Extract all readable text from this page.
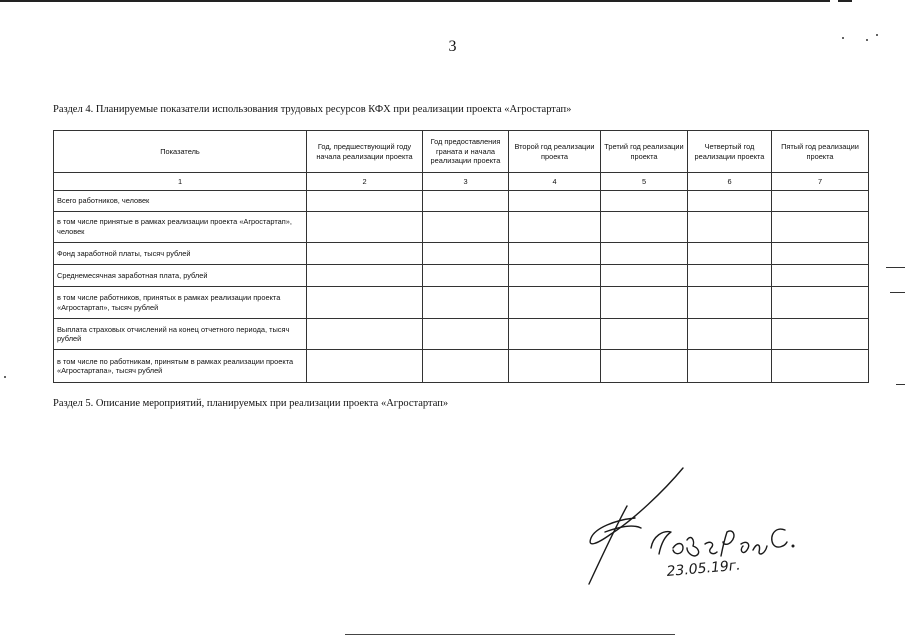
3
Раздел 4. Планируемые показатели использования трудовых ресурсов КФХ при реализации проекта «Агростартап»
Показатель	Год, предшествующий году начала реализации проекта	Год предоставления граната и начала реализации проекта	Второй год реализации проекта	Третий год реализации проекта	Четвертый год реализации проекта	Пятый год реализации проекта
1	2	3	4	5	6	7
Всего работников, человек						
в том числе принятые в рамках реализации проекта «Агростартап», человек						
Фонд заработной платы, тысяч рублей						
Среднемесячная заработная плата, рублей						
в том числе работников, принятых в рамках реализации проекта «Агростартап», тысяч рублей						
Выплата страховых отчислений на конец отчетного периода, тысяч рублей						
в том числе по работникам, принятым в рамках реализации проекта «Агростартапа», тысяч рублей						
Раздел 5. Описание мероприятий, планируемых при реализации проекта «Агростартап»
23.05.19г.
